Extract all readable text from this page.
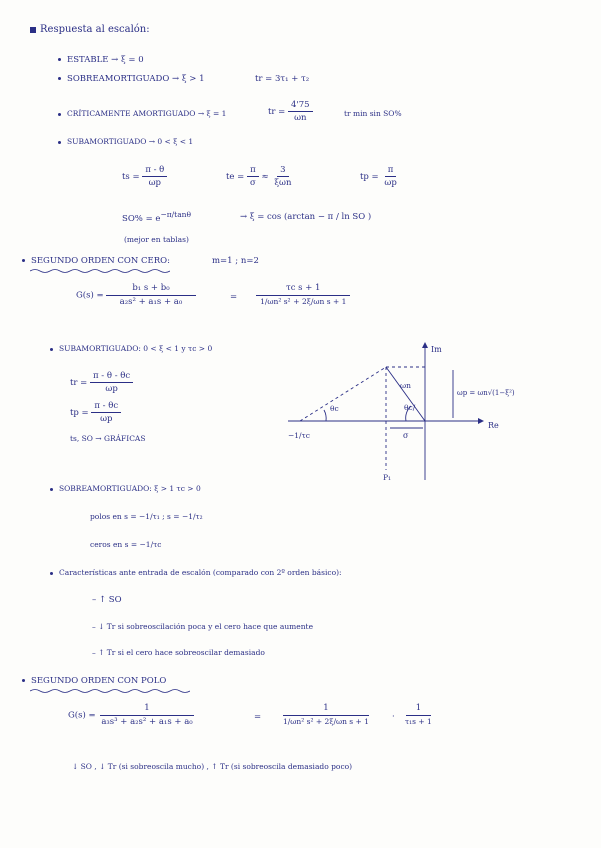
Respuesta al escalón:
ESTABLE → ξ = 0
SOBREAMORTIGUADO → ξ > 1	tr = 3τ₁ + τ₂
CRÍTICAMENTE AMORTIGUADO → ξ = 1	tr = $\frac{4'75}{\omega n}$	tr min sin SO%
SUBAMORTIGUADO → 0 < ξ < 1
ts = $\frac{\pi - \theta}{\omega p}$	te = $\frac{\pi}{\sigma} \approx \frac{3}{\text{ξωn}}$	tp = $\frac{\pi}{\omega p}$
$SO\% = e^{-\pi/tan\theta}$	→ ξ = cos (arctan − π / ln SO )
(mejor en tablas)
SEGUNDO ORDEN CON CERO:	m=1 ; n=2
$G(s) = \frac{\text{b₁ s + b₀}}{\text{a₂s² + a₁s + a₀}}$	= $\frac{\text{τc s + 1}}{\text{1/ωn² s² + 2ξ/ωn s + 1}}$
SUBAMORTIGUADO: 0 < ξ < 1 y τc > 0
tr = $\frac{\pi - \theta - \theta c}{\omega p}$
tp = $\frac{\pi - \theta c}{\omega p}$
ts, SO → GRÁFICAS
Im
Re
θc	θc/
ωn
ωp = ωn√(1−ξ²)
−1/τc	σ
P₁
SOBREAMORTIGUADO: ξ > 1 τc > 0
polos en s = −1/τ₁ ; s = −1/τ₂
ceros en s = −1/τc
Características ante entrada de escalón (comparado con 2º orden básico):
– ↑ SO
– ↓ Tr si sobreoscilación poca y el cero hace que aumente
– ↑ Tr si el cero hace sobreoscilar demasiado
SEGUNDO ORDEN CON POLO
$G(s) = \frac{1}{\text{a₃s³ + a₂s² + a₁s + a₀}}$	= $\frac{1}{\text{1/ωn² s² + 2ξ/ωn s + 1}} \cdot \frac{1}{\text{τ₁s + 1}}$
↓ SO , ↓ Tr (si sobreoscila mucho) , ↑ Tr (si sobreoscila demasiado poco)
